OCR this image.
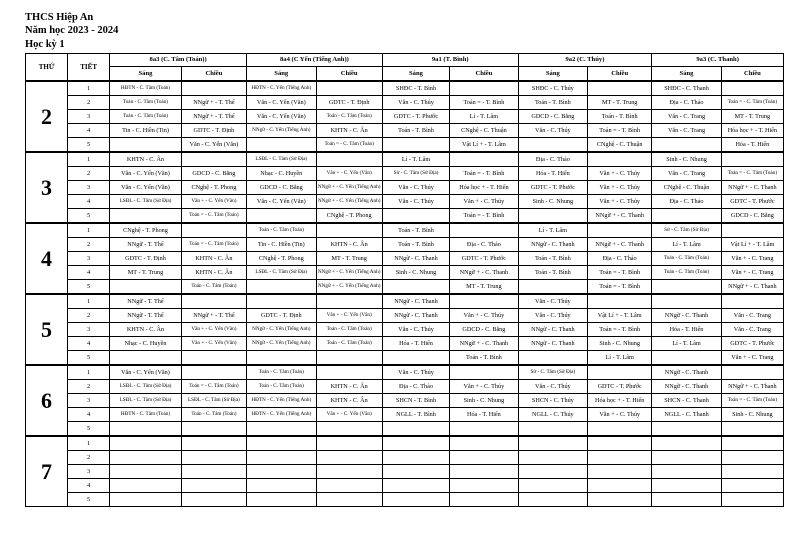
THCS Hiệp An
Năm học 2023 - 2024
Học kỳ 1
THỨ	TIẾT	8a3 (C. Tâm (Toán))		8a4 (C Yến (Tiếng Anh))		9a1 (T. Bình)		9a2 (C. Thúy)		9a3 (C. Thanh)	
		Sáng	Chiều	Sáng	Chiều	Sáng	Chiều	Sáng	Chiều	Sáng	Chiều
2	1	HĐTN - C. Tâm (Toán)		HĐTN - C. Yến (Tiếng Anh)		SHĐC - T. Bình		SHĐC - C. Thúy		SHĐC - C. Thanh	
	2	Toán - C. Tâm (Toán)	NNgữ + - T. Thể	Văn - C. Yến (Văn)	GDTC - T. Định	Văn - C. Thúy	Toán = - T. Bình	Toán - T. Bình	MT - T. Trung	Địa - C. Thảo	Toán = - C. Tâm (Toán)
	3	Toán - C. Tâm (Toán)	NNgữ + - T. Thể	Văn - C. Yến (Văn)	Toán - C. Tâm (Toán)	GDTC - T. Phước	Lí - T. Lâm	GDCD - C. Bằng	Toán - T. Bình	Văn - C. Trang	MT - T. Trung
	4	Tin - C. Hiền (Tin)	GDTC - T. Định	NNgữ - C. Yến (Tiếng Anh)	KHTN - C. Ân	Toán - T. Bình	CNghệ - C. Thuận	Văn - C. Thúy	Toán = - T. Bình	Văn - C. Trang	Hóa học + - T. Hiển
	5		Văn - C. Yến (Văn)		Toán = - C. Tâm (Toán)		Vật Lí + - T. Lâm		CNghệ - C. Thuận		Hóa - T. Hiển
3	1	KHTN - C. Ân		LSĐL - C. Tâm (Sử Địa)		Lí - T. Lâm		Địa - C. Thảo		Sinh - C. Nhung	
	2	Văn - C. Yến (Văn)	GDCD - C. Bằng	Nhạc - C. Huyền	Văn + - C. Yến (Văn)	Sử - C. Tâm (Sử Địa)	Toán = - T. Bình	Hóa - T. Hiển	Văn + - C. Thúy	Văn - C. Trang	Toán = - C. Tâm (Toán)
	3	Văn - C. Yến (Văn)	CNghệ - T. Phong	GDCD - C. Bằng	NNgữ + - C. Yến (Tiếng Anh)	Văn - C. Thúy	Hóa học + - T. Hiển	GDTC - T. Phước	Văn + - C. Thúy	CNghệ - C. Thuận	NNgữ + - C. Thanh
	4	LSĐL - C. Tâm (Sử Địa)	Văn + - C. Yến (Văn)	Văn - C. Yến (Văn)	NNgữ + - C. Yến (Tiếng Anh)	Văn - C. Thúy	Văn + - C. Thúy	Sinh - C. Nhung	Văn + - C. Thúy	Địa - C. Thảo	GDTC - T. Phước
	5		Toán = - C. Tâm (Toán)		CNghệ - T. Phong		Toán = - T. Bình		NNgữ + - C. Thanh		GDCD - C. Bằng
4	1	CNghệ - T. Phong		Toán - C. Tâm (Toán)		Toán - T. Bình		Lí - T. Lâm		Sử - C. Tâm (Sử Địa)	
	2	NNgữ - T. Thể	Toán = - C. Tâm (Toán)	Tin - C. Hiền (Tin)	KHTN - C. Ân	Toán - T. Bình	Địa - C. Thảo	NNgữ - C. Thanh	NNgữ + - C. Thanh	Lí - T. Lâm	Vật Lí + - T. Lâm
	3	GDTC - T. Định	KHTN - C. Ân	CNghệ - T. Phong	MT - T. Trung	NNgữ - C. Thanh	GDTC - T. Phước	Toán - T. Bình	Địa - C. Thảo	Toán - C. Tâm (Toán)	Văn + - C. Trang
	4	MT - T. Trung	KHTN - C. Ân	LSĐL - C. Tâm (Sử Địa)	NNgữ + - C. Yến (Tiếng Anh)	Sinh - C. Nhung	NNgữ + - C. Thanh	Toán - T. Bình	Toán = - T. Bình	Toán - C. Tâm (Toán)	Văn + - C. Trang
	5		Toán - C. Tâm (Toán)		NNgữ + - C. Yến (Tiếng Anh)		MT - T. Trung		Toán = - T. Bình		NNgữ + - C. Thanh
5	1	NNgữ - T. Thể				NNgữ - C. Thanh		Văn - C. Thúy			
	2	NNgữ - T. Thể	NNgữ + - T. Thể	GDTC - T. Định	Văn + - C. Yến (Văn)	NNgữ - C. Thanh	Văn + - C. Thúy	Văn - C. Thúy	Vật Lí + - T. Lâm	NNgữ - C. Thanh	Văn - C. Trang
	3	KHTN - C. Ân	Văn + - C. Yến (Văn)	NNgữ - C. Yến (Tiếng Anh)	Toán - C. Tâm (Toán)	Văn - C. Thúy	GDCD - C. Bằng	NNgữ - C. Thanh	Toán = - T. Bình	Hóa - T. Hiển	Văn - C. Trang
	4	Nhạc - C. Huyền	Văn + - C. Yến (Văn)	NNgữ - C. Yến (Tiếng Anh)	Toán - C. Tâm (Toán)	Hóa - T. Hiển	NNgữ + - C. Thanh	NNgữ - C. Thanh	Sinh - C. Nhung	Lí - T. Lâm	GDTC - T. Phước
	5						Toán - T. Bình		Lí - T. Lâm		Văn + - C. Trang
6	1	Văn - C. Yến (Văn)		Toán - C. Tâm (Toán)		Văn - C. Thúy		Sử - C. Tâm (Sử Địa)		NNgữ - C. Thanh	
	2	LSĐL - C. Tâm (Sử Địa)	Toán = - C. Tâm (Toán)	Toán - C. Tâm (Toán)	KHTN - C. Ân	Địa - C. Thảo	Văn + - C. Thúy	Văn - C. Thúy	GDTC - T. Phước	NNgữ - C. Thanh	NNgữ + - C. Thanh
	3	LSĐL - C. Tâm (Sử Địa)	LSĐL - C. Tâm (Sử Địa)	HĐTN - C. Yến (Tiếng Anh)	KHTN - C. Ân	SHCN - T. Bình	Sinh - C. Nhung	SHCN - C. Thúy	Hóa học + - T. Hiển	SHCN - C. Thanh	Toán = - C. Tâm (Toán)
	4	HĐTN - C. Tâm (Toán)	Toán - C. Tâm (Toán)	HĐTN - C. Yến (Tiếng Anh)	Văn + - C. Yến (Văn)	NGLL - T. Bình	Hóa - T. Hiển	NGLL - C. Thúy	Văn + - C. Thúy	NGLL - C. Thanh	Sinh - C. Nhung
	5										
7	1										
	2										
	3										
	4										
	5										
